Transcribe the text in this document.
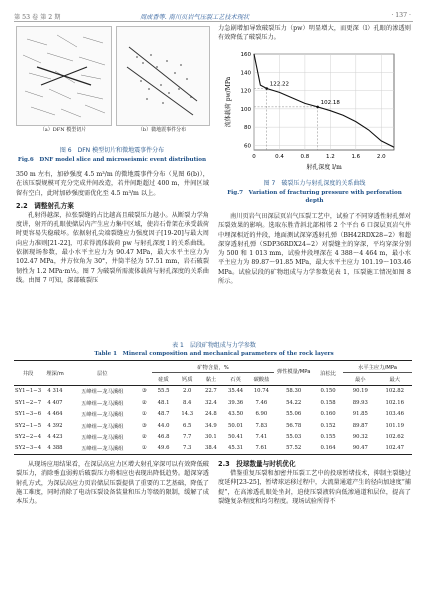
第 53 卷 第 2 期	周成香等. 南川页岩气压裂工艺技术现状	· 137 ·
（a）DFN 模型切片	（b）微地震事件分布
图 6　DFN 模型切片和微地震事件分布
Fig.6　DNF model slice and microseismic event distribution

350 m 左右，加砂强度 4.5 m³/m 的微地震事件分布（见图 6(b)），在该压裂规模可充分完成井间改造，若井间距超过 400 m，井间区域留有空白，此时加砂强度需优化至 4.5 m³/m 以上。

2.2　调整射孔方案

孔射得越深，拉张裂缝的占比越高且破裂压力越小。从断裂力学角度讲，射开的孔眼使储层内产生应力集中区域，使岩石骨架在承受载荷时更容易失稳破坏。依据射孔尖端裂缝应力强度因子[19-20]与最大周向应力准则[21-22]，可求得流体载荷 pw 与射孔深度 l 的关系曲线。依据现场参数，最小水平主应力为 90.47 MPa，最大水平主应力为 102.47 MPa，井方位角为 30°，井筒半径为 57.51 mm，岩石破裂韧性为 1.2 MPa·m½。图 7 为破裂所需流体载荷与射孔深度的关系曲线。由图 7 可知，深部破裂压

力急剧增加导致破裂压力（pw）明显增大，而更深（l）孔眼的渗透则有效降低了破裂压力。

60
80
100
120
140
160
0	0.4	0.8	1.2	1.6	2.0
122.22
102.18
射孔深度 l/m
流体载荷 pw/MPa
图 7　破裂压力与射孔深度的关系曲线
Fig.7　Variation of fracturing pressure with perforation
depth

南川页岩气田深层页岩气压裂工艺中，试验了不同穿透性射孔弹对压裂效果的影响。选取东胜背斜北部相邻 2 个平台 6 口深层页岩气井中埋深相近的井段，地面测试深穿透射孔弹（BH42RDX28−2）和超深穿透射孔弹（SDP36RDX24−2）对裂缝主的穿深，平均穿深分别为 500 和 1 013 mm，试验井段埋深在 4 388～4 464 m，最小水平主应力为 89.87～91.85 MPa，最大水平主应力 101.19～103.46 MPa。试验层段的矿物组成与力学参数见表 1，压裂施工情况如图 8 所示。

表 1　层段矿物组成与力学参数
Table 1　Mineral composition and mechanical parameters of the rock layers
井段	埋深/m	层位		矿物含量，%					弹性模量/MPa	泊松比	水平主应力/MPa	
				硅质	钙质	黏土	石英	碳酸盐			最小	最大
SY1−1−3	4 314	五峰组—龙马溪组	③	55.5	2.0	22.7	35.44	10.74	58.30	0.150	90.19	102.82
SY1−2−7	4 407	五峰组—龙马溪组	②	48.1	8.4	32.4	39.36	7.46	54.22	0.158	89.93	102.16
SY1−3−6	4 464	五峰组—龙马溪组	①	48.7	14.3	24.8	43.50	6.90	55.06	0.160	91.85	103.46
SY2−1−5	4 392	五峰组—龙马溪组	③	44.0	6.5	34.9	50.01	7.83	56.78	0.152	89.87	101.19
SY2−2−4	4 423	五峰组—龙马溪组	②	46.8	7.7	30.1	50.41	7.41	55.03	0.155	90.32	102.62
SY2−3−4	4 388	五峰组—龙马溪组	①	49.6	7.3	38.4	45.31	7.61	57.52	0.164	90.47	102.47

从现场应用结果看，在深层高应力区增大射孔穿深可以有效降低破裂压力，消除垂直弱剪后破裂压力将相应也表现出降低趋势。超深穿透射孔方式，为深层高应力页岩储层压裂提供了重要的工艺基础，降低了施工难度，同时消除了电动压裂设备装量和压力等级的限制，缓解了成本压力。

2.3　投球数量与时机优化

借鉴重复压裂和加密井压裂工艺中的投球暂堵技术，抑制主裂缝过度延伸[23-25]，暂堵球运移过程中，大流量通道产生的径向加速度“捕捉”，在高渗透孔眼处坐封，迫使压裂液转向低渗通道和层位，提高了裂缝复杂程度和均匀程度。现场试验所得不
